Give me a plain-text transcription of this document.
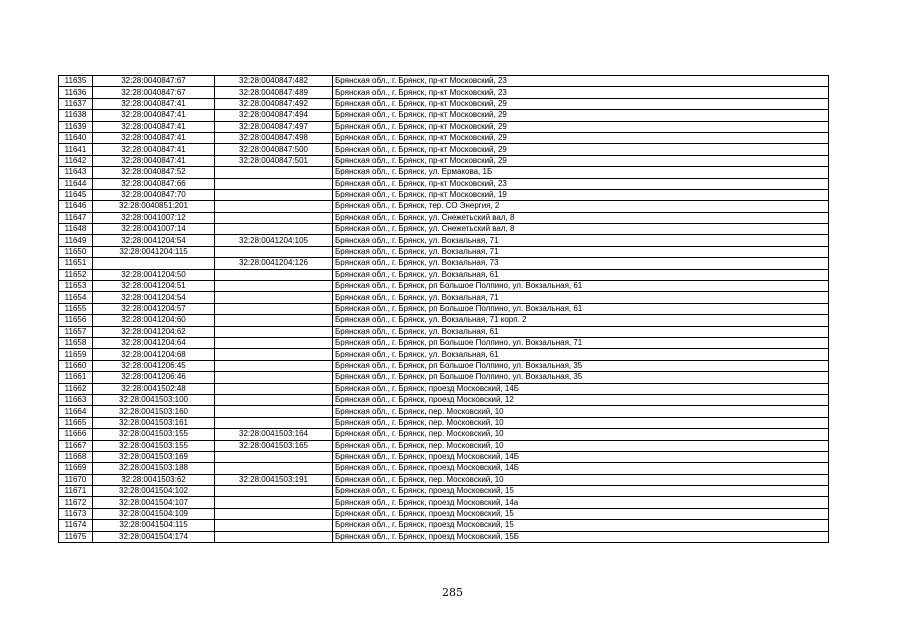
11635	32:28:0040847:67	32:28:0040847:482	Брянская обл., г. Брянск, пр-кт Московский, 23
11636	32:28:0040847:67	32:28:0040847:489	Брянская обл., г. Брянск, пр-кт Московский, 23
11637	32:28:0040847:41	32:28:0040847:492	Брянская обл., г. Брянск, пр-кт Московский, 29
11638	32:28:0040847:41	32:28:0040847:494	Брянская обл., г. Брянск, пр-кт Московский, 29
11639	32:28:0040847:41	32:28:0040847:497	Брянская обл., г. Брянск, пр-кт Московский, 29
11640	32:28:0040847:41	32:28:0040847:498	Брянская обл., г. Брянск, пр-кт Московский, 29
11641	32:28:0040847:41	32:28:0040847:500	Брянская обл., г. Брянск, пр-кт Московский, 29
11642	32:28:0040847:41	32:28:0040847:501	Брянская обл., г. Брянск, пр-кт Московский, 29
11643	32:28:0040847:52		Брянская обл., г. Брянск, ул. Ермакова, 1Б
11644	32:28:0040847:66		Брянская обл., г. Брянск, пр-кт Московский, 23
11645	32:28:0040847:70		Брянская обл., г. Брянск, пр-кт Московский, 19
11646	32:28:0040851:201		Брянская обл., г. Брянск, тер. СО Энергия, 2
11647	32:28:0041007:12		Брянская обл., г. Брянск, ул. Снежетьский вал, 8
11648	32:28:0041007:14		Брянская обл., г. Брянск, ул. Снежетьский вал, 8
11649	32:28:0041204:54	32:28:0041204:105	Брянская обл., г. Брянск, ул. Вокзальная, 71
11650	32:28:0041204:115		Брянская обл., г. Брянск, ул. Вокзальная, 71
11651		32:28:0041204:126	Брянская обл., г. Брянск, ул. Вокзальная, 73
11652	32:28:0041204:50		Брянская обл., г. Брянск, ул. Вокзальная, 61
11653	32:28:0041204:51		Брянская обл., г. Брянск, рп Большое Полпино, ул. Вокзальная, 61
11654	32:28:0041204:54		Брянская обл., г. Брянск, ул. Вокзальная, 71
11655	32:28:0041204:57		Брянская обл., г. Брянск, рп Большое Полпино, ул. Вокзальная, 61
11656	32:28:0041204:60		Брянская обл., г. Брянск, ул. Вокзальная, 71 корп. 2
11657	32:28:0041204:62		Брянская обл., г. Брянск, ул. Вокзальная, 61
11658	32:28:0041204:64		Брянская обл., г. Брянск, рп Большое Полпино, ул. Вокзальная, 71
11659	32:28:0041204:68		Брянская обл., г. Брянск, ул. Вокзальная, 61
11660	32:28:0041206:45		Брянская обл., г. Брянск, рп Большое Полпино, ул. Вокзальная, 35
11661	32:28:0041206:46		Брянская обл., г. Брянск, рп Большое Полпино, ул. Вокзальная, 35
11662	32:28:0041502:48		Брянская обл., г. Брянск, проезд Московский, 14Б
11663	32:28:0041503:100		Брянская обл., г. Брянск, проезд Московский, 12
11664	32:28:0041503:160		Брянская обл., г. Брянск, пер. Московский, 10
11665	32:28:0041503:161		Брянская обл., г. Брянск, пер. Московский, 10
11666	32:28:0041503:155	32:28:0041503:164	Брянская обл., г. Брянск, пер. Московский, 10
11667	32:28:0041503:155	32:28:0041503:165	Брянская обл., г. Брянск, пер. Московский, 10
11668	32:28:0041503:169		Брянская обл., г. Брянск, проезд Московский, 14Б
11669	32:28:0041503:188		Брянская обл., г. Брянск, проезд Московский, 14Б
11670	32:28:0041503:62	32:28:0041503:191	Брянская обл., г. Брянск, пер. Московский, 10
11671	32:28:0041504:102		Брянская обл., г. Брянск, проезд Московский, 15
11672	32:28:0041504:107		Брянская обл., г. Брянск, проезд Московский, 14а
11673	32:28:0041504:109		Брянская обл., г. Брянск, проезд Московский, 15
11674	32:28:0041504:115		Брянская обл., г. Брянск, проезд Московский, 15
11675	32:28:0041504:174		Брянская обл., г. Брянск, проезд Московский, 15Б
285
